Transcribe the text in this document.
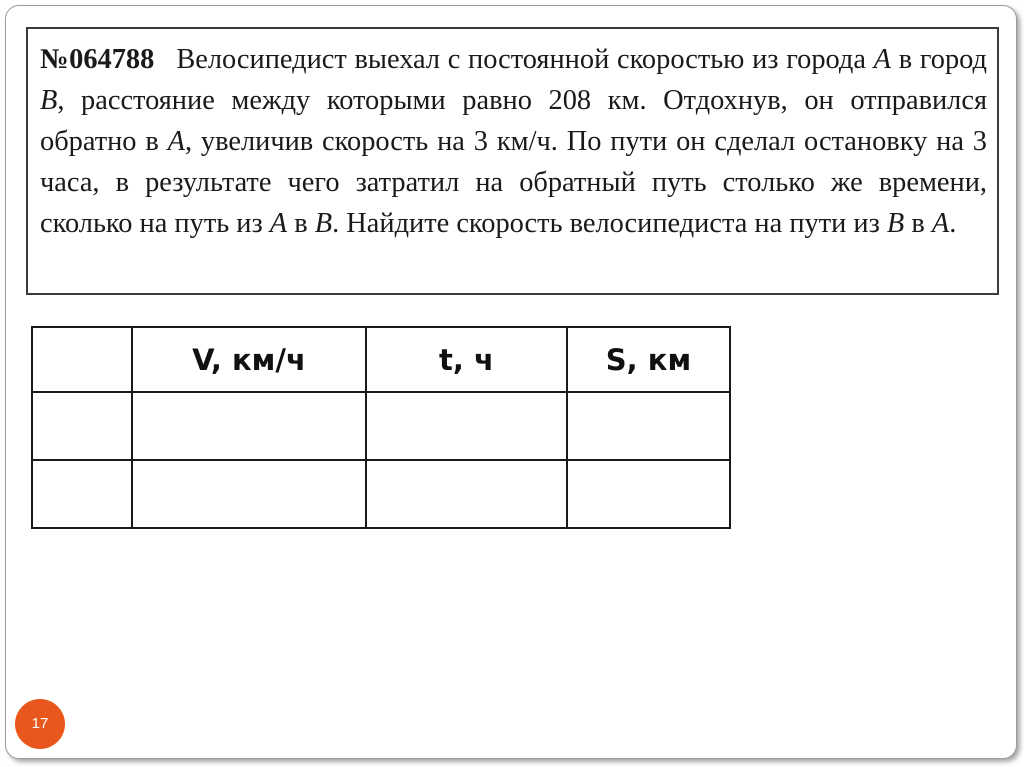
№064788 Велосипедист выехал с постоянной скоростью из города A в город B, расстояние между которыми равно 208 км. Отдохнув, он отправился обратно в A, увеличив скорость на 3 км/ч. По пути он сделал остановку на 3 часа, в результате чего затратил на обратный путь столько же времени, сколько на путь из A в B. Найдите скорость велосипедиста на пути из B в A.
	V, км/ч	t, ч	S, км

17
